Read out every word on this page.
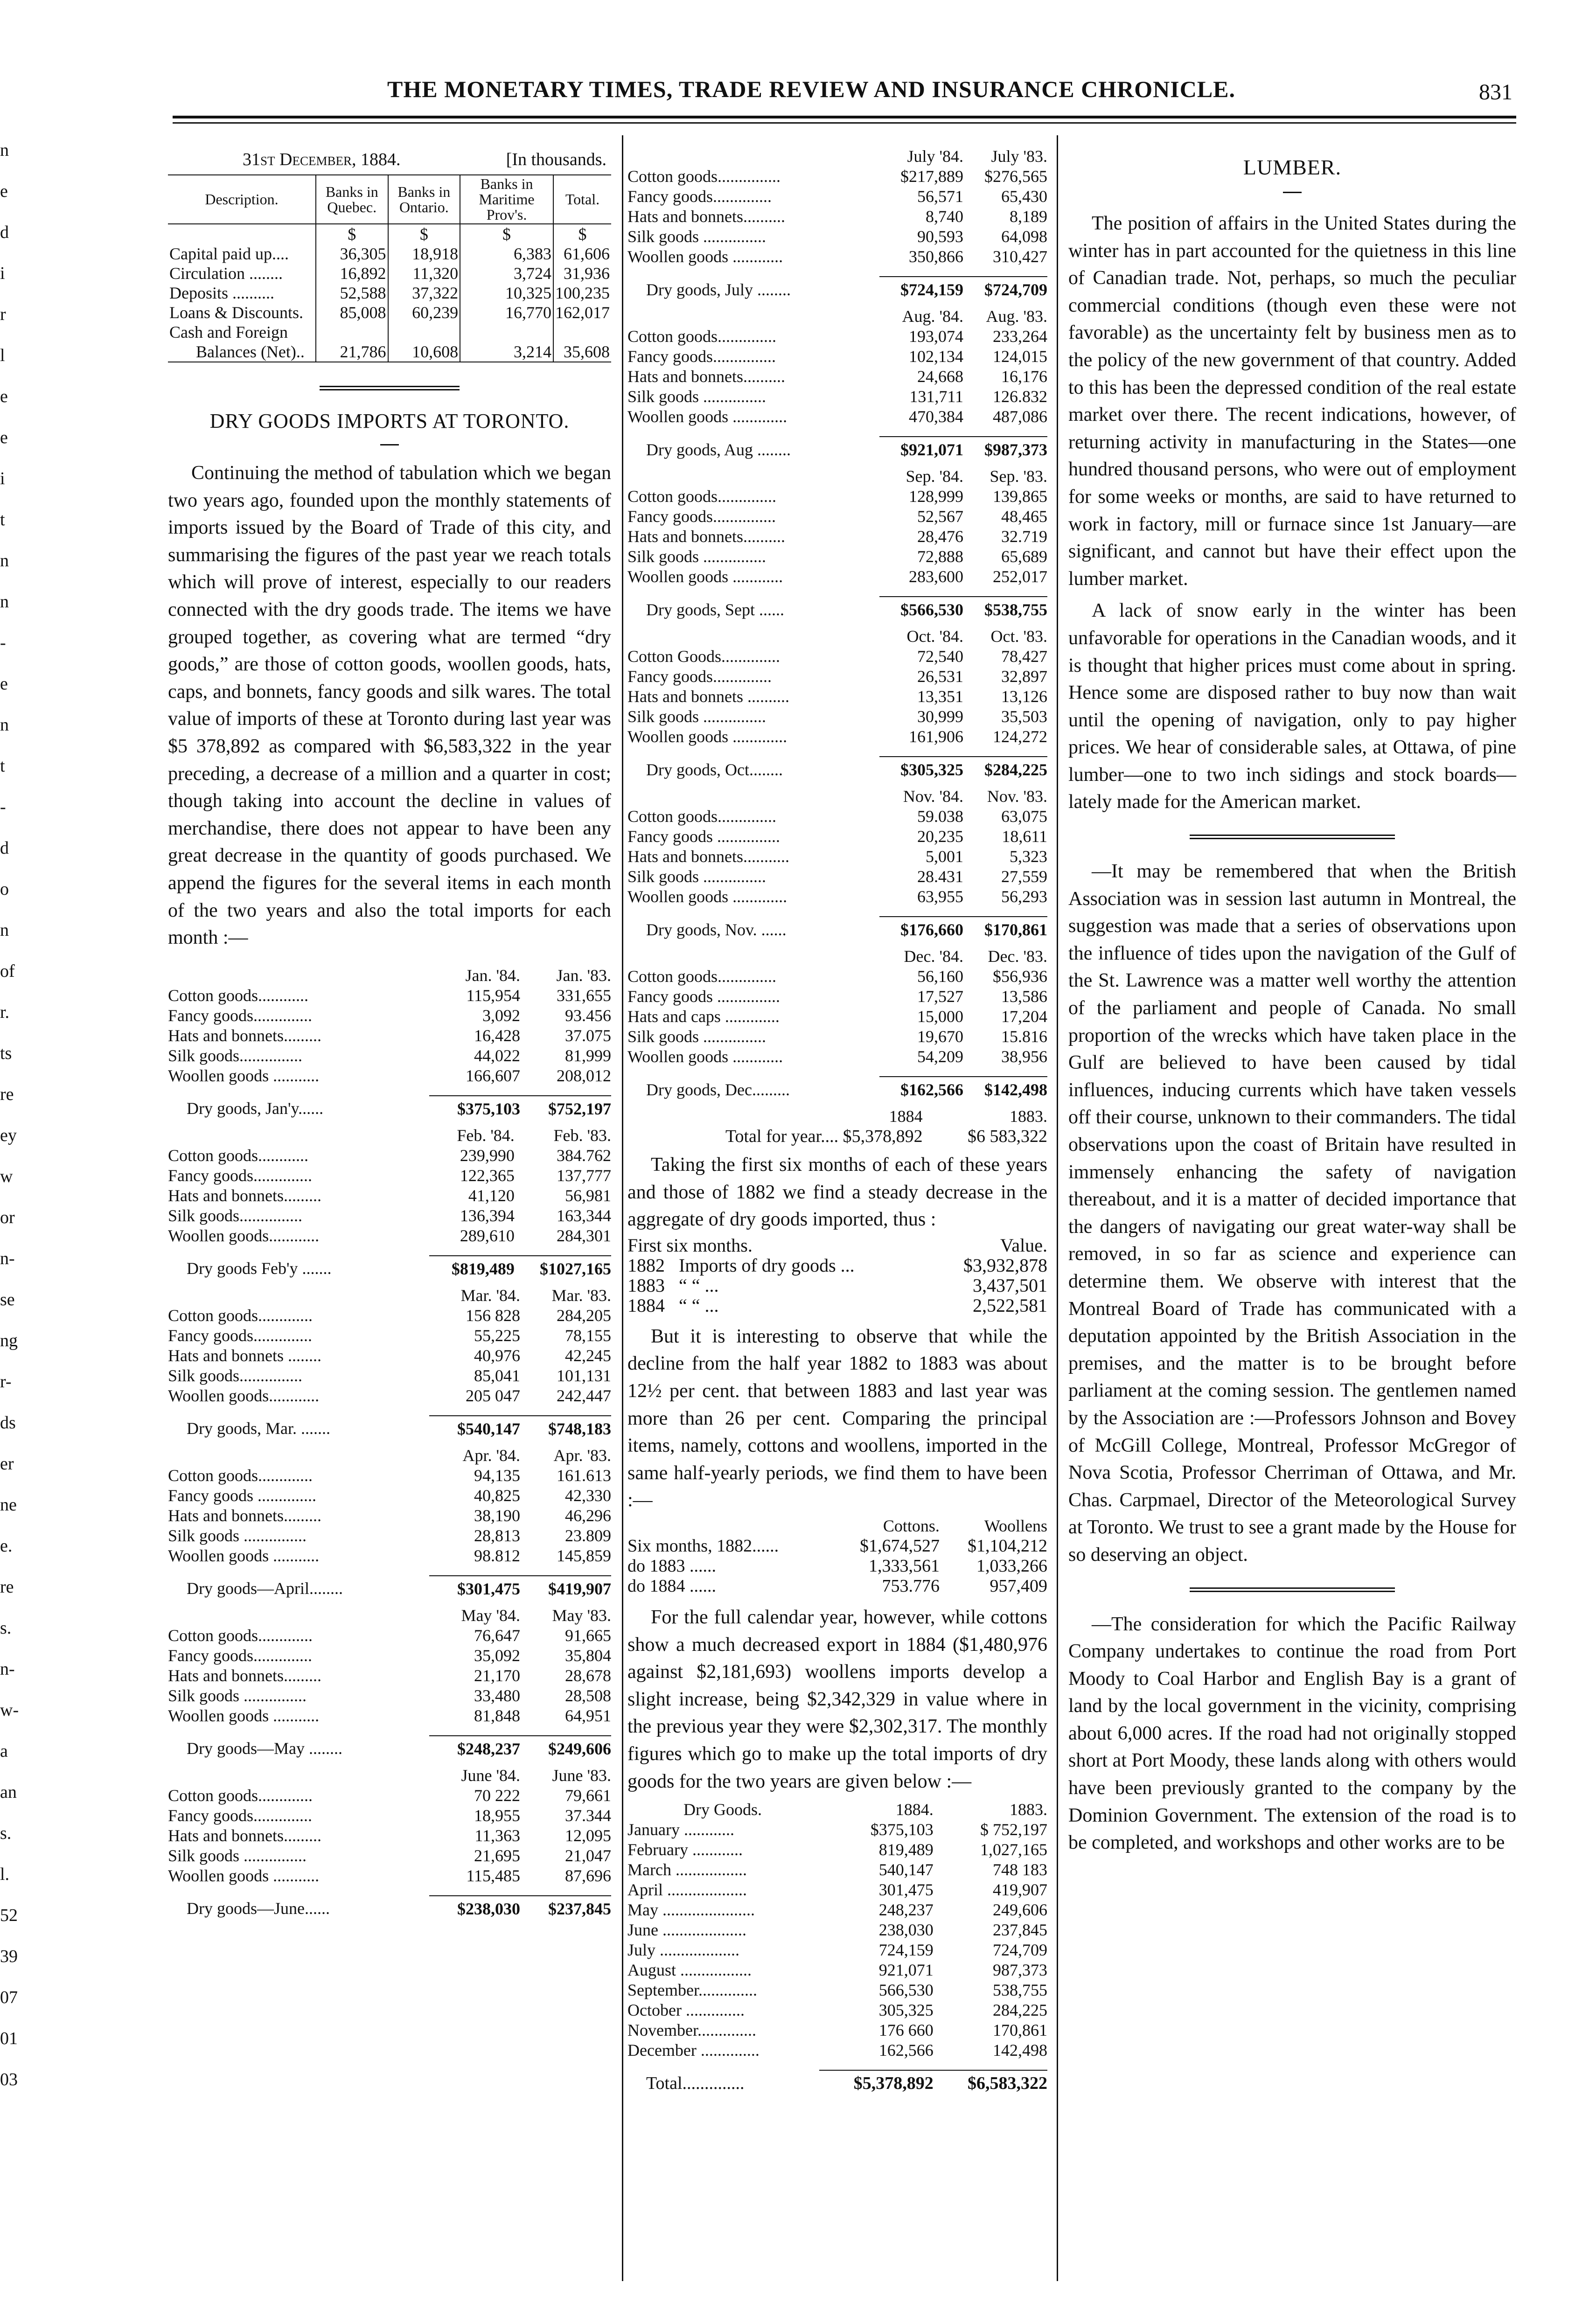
n
e
d
i
r
l
e
e
i
t
n
n
-
e
n
t
-
d
o
n
of
r.
ts
re
ey
w
or
n-
se
ng
r-
ds
er
ne
e.
re
s.
n-
w-
a
an
s.
l.
52
39
07
01
03
THE MONETARY TIMES, TRADE REVIEW AND INSURANCE CHRONICLE.	831
31st December, 1884.	[In thousands.
Description.	Banks in Quebec.	Banks in Ontario.	Banks in Maritime Prov's.	Total.
	$	$	$	$
Capital paid up....	36,305	18,918	6,383	61,606
Circulation ........	16,892	11,320	3,724	31,936
Deposits ..........	52,588	37,322	10,325	100,235
Loans & Discounts.	85,008	60,239	16,770	162,017
Cash and Foreign				
Balances (Net)..	21,786	10,608	3,214	35,608

DRY GOODS IMPORTS AT TORONTO.

Continuing the method of tabulation which we began two years ago, founded upon the monthly statements of imports issued by the Board of Trade of this city, and summarising the figures of the past year we reach totals which will prove of interest, especially to our readers connected with the dry goods trade. The items we have grouped together, as covering what are termed “dry goods,” are those of cotton goods, woollen goods, hats, caps, and bonnets, fancy goods and silk wares. The total value of imports of these at Toronto during last year was $5 378,892 as compared with $6,583,322 in the year preceding, a decrease of a million and a quarter in cost; though taking into account the decline in values of merchandise, there does not appear to have been any great decrease in the quantity of goods purchased. We append the figures for the several items in each month of the two years and also the total imports for each month :—

	Jan. '84.	Jan. '83.
Cotton goods............	115,954	331,655
Fancy goods..............	3,092	93.456
Hats and bonnets.........	16,428	37.075
Silk goods...............	44,022	81,999
Woollen goods ...........	166,607	208,012

Dry goods, Jan'y......	$375,103	$752,197
	Feb. '84.	Feb. '83.
Cotton goods............	239,990	384.762
Fancy goods..............	122,365	137,777
Hats and bonnets.........	41,120	56,981
Silk goods...............	136,394	163,344
Woollen goods............	289,610	284,301

Dry goods Feb'y .......	$819,489	$1027,165
	Mar. '84.	Mar. '83.
Cotton goods.............	156 828	284,205
Fancy goods..............	55,225	78,155
Hats and bonnets ........	40,976	42,245
Silk goods...............	85,041	101,131
Woollen goods............	205 047	242,447

Dry goods, Mar. .......	$540,147	$748,183
	Apr. '84.	Apr. '83.
Cotton goods.............	94,135	161.613
Fancy goods ..............	40,825	42,330
Hats and bonnets.........	38,190	46,296
Silk goods ...............	28,813	23.809
Woollen goods ...........	98.812	145,859

Dry goods—April........	$301,475	$419,907
	May '84.	May '83.
Cotton goods.............	76,647	91,665
Fancy goods..............	35,092	35,804
Hats and bonnets.........	21,170	28,678
Silk goods ...............	33,480	28,508
Woollen goods ...........	81,848	64,951

Dry goods—May ........	$248,237	$249,606
	June '84.	June '83.
Cotton goods.............	70 222	79,661
Fancy goods..............	18,955	37.344
Hats and bonnets.........	11,363	12,095
Silk goods ...............	21,695	21,047
Woollen goods ...........	115,485	87,696

Dry goods—June......	$238,030	$237,845
	July '84.	July '83.
Cotton goods...............	$217,889	$276,565
Fancy goods..............	56,571	65,430
Hats and bonnets..........	8,740	8,189
Silk goods ...............	90,593	64,098
Woollen goods ............	350,866	310,427

Dry goods, July ........	$724,159	$724,709
	Aug. '84.	Aug. '83.
Cotton goods..............	193,074	233,264
Fancy goods...............	102,134	124,015
Hats and bonnets..........	24,668	16,176
Silk goods ...............	131,711	126.832
Woollen goods .............	470,384	487,086

Dry goods, Aug ........	$921,071	$987,373
	Sep. '84.	Sep. '83.
Cotton goods..............	128,999	139,865
Fancy goods...............	52,567	48,465
Hats and bonnets..........	28,476	32.719
Silk goods ...............	72,888	65,689
Woollen goods ............	283,600	252,017

Dry goods, Sept ......	$566,530	$538,755
	Oct. '84.	Oct. '83.
Cotton Goods..............	72,540	78,427
Fancy goods..............	26,531	32,897
Hats and bonnets ..........	13,351	13,126
Silk goods ...............	30,999	35,503
Woollen goods .............	161,906	124,272

Dry goods, Oct........	$305,325	$284,225
	Nov. '84.	Nov. '83.
Cotton goods..............	59.038	63,075
Fancy goods ...............	20,235	18,611
Hats and bonnets...........	5,001	5,323
Silk goods ...............	28.431	27,559
Woollen goods .............	63,955	56,293

Dry goods, Nov. ......	$176,660	$170,861
	Dec. '84.	Dec. '83.
Cotton goods..............	56,160	$56,936
Fancy goods ...............	17,527	13,586
Hats and caps .............	15,000	17,204
Silk goods ...............	19,670	15.816
Woollen goods ............	54,209	38,956

Dry goods, Dec.........	$162,566	$142,498
	1884	1883.
Total for year.... $5,378,892		$6 583,322

Taking the first six months of each of these years and those of 1882 we find a steady decrease in the aggregate of dry goods imported, thus :

First six months.		Value.
1882	Imports of dry goods ...	$3,932,878
1883	“ “ ...	3,437,501
1884	“ “ ...	2,522,581

But it is interesting to observe that while the decline from the half year 1882 to 1883 was about 12½ per cent. that between 1883 and last year was more than 26 per cent. Comparing the principal items, namely, cottons and woollens, imported in the same half-yearly periods, we find them to have been :—

	Cottons.	Woollens
Six months, 1882......	$1,674,527	$1,104,212
do 1883 ......	1,333,561	1,033,266
do 1884 ......	753.776	957,409

For the full calendar year, however, while cottons show a much decreased export in 1884 ($1,480,976 against $2,181,693) woollens imports develop a slight increase, being $2,342,329 in value where in the previous year they were $2,302,317. The monthly figures which go to make up the total imports of dry goods for the two years are given below :—

Dry Goods.	1884.	1883.
January ............	$375,103	$ 752,197
February ............	819,489	1,027,165
March .................	540,147	748 183
April ...................	301,475	419,907
May ......................	248,237	249,606
June ....................	238,030	237,845
July ...................	724,159	724,709
August .................	921,071	987,373
September..............	566,530	538,755
October ..............	305,325	284,225
November..............	176 660	170,861
December ..............	162,566	142,498

Total..............	$5,378,892	$6,583,322

LUMBER.

The position of affairs in the United States during the winter has in part accounted for the quietness in this line of Canadian trade. Not, perhaps, so much the peculiar commercial conditions (though even these were not favorable) as the uncertainty felt by business men as to the policy of the new government of that country. Added to this has been the depressed condition of the real estate market over there. The recent indications, however, of returning activity in manufacturing in the States—one hundred thousand persons, who were out of employment for some weeks or months, are said to have returned to work in factory, mill or furnace since 1st January—are significant, and cannot but have their effect upon the lumber market.

A lack of snow early in the winter has been unfavorable for operations in the Canadian woods, and it is thought that higher prices must come about in spring. Hence some are disposed rather to buy now than wait until the opening of navigation, only to pay higher prices. We hear of considerable sales, at Ottawa, of pine lumber—one to two inch sidings and stock boards—lately made for the American market.

—It may be remembered that when the British Association was in session last autumn in Montreal, the suggestion was made that a series of observations upon the influence of tides upon the navigation of the Gulf of the St. Lawrence was a matter well worthy the attention of the parliament and people of Canada. No small proportion of the wrecks which have taken place in the Gulf are believed to have been caused by tidal influences, inducing currents which have taken vessels off their course, unknown to their commanders. The tidal observations upon the coast of Britain have resulted in immensely enhancing the safety of navigation thereabout, and it is a matter of decided importance that the dangers of navigating our great water-way shall be removed, in so far as science and experience can determine them. We observe with interest that the Montreal Board of Trade has communicated with a deputation appointed by the British Association in the premises, and the matter is to be brought before parliament at the coming session. The gentlemen named by the Association are :—Professors Johnson and Bovey of McGill College, Montreal, Professor McGregor of Nova Scotia, Professor Cherriman of Ottawa, and Mr. Chas. Carpmael, Director of the Meteorological Survey at Toronto. We trust to see a grant made by the House for so deserving an object.

—The consideration for which the Pacific Railway Company undertakes to continue the road from Port Moody to Coal Harbor and English Bay is a grant of land by the local government in the vicinity, comprising about 6,000 acres. If the road had not originally stopped short at Port Moody, these lands along with others would have been previously granted to the company by the Dominion Government. The extension of the road is to be completed, and workshops and other works are to be
